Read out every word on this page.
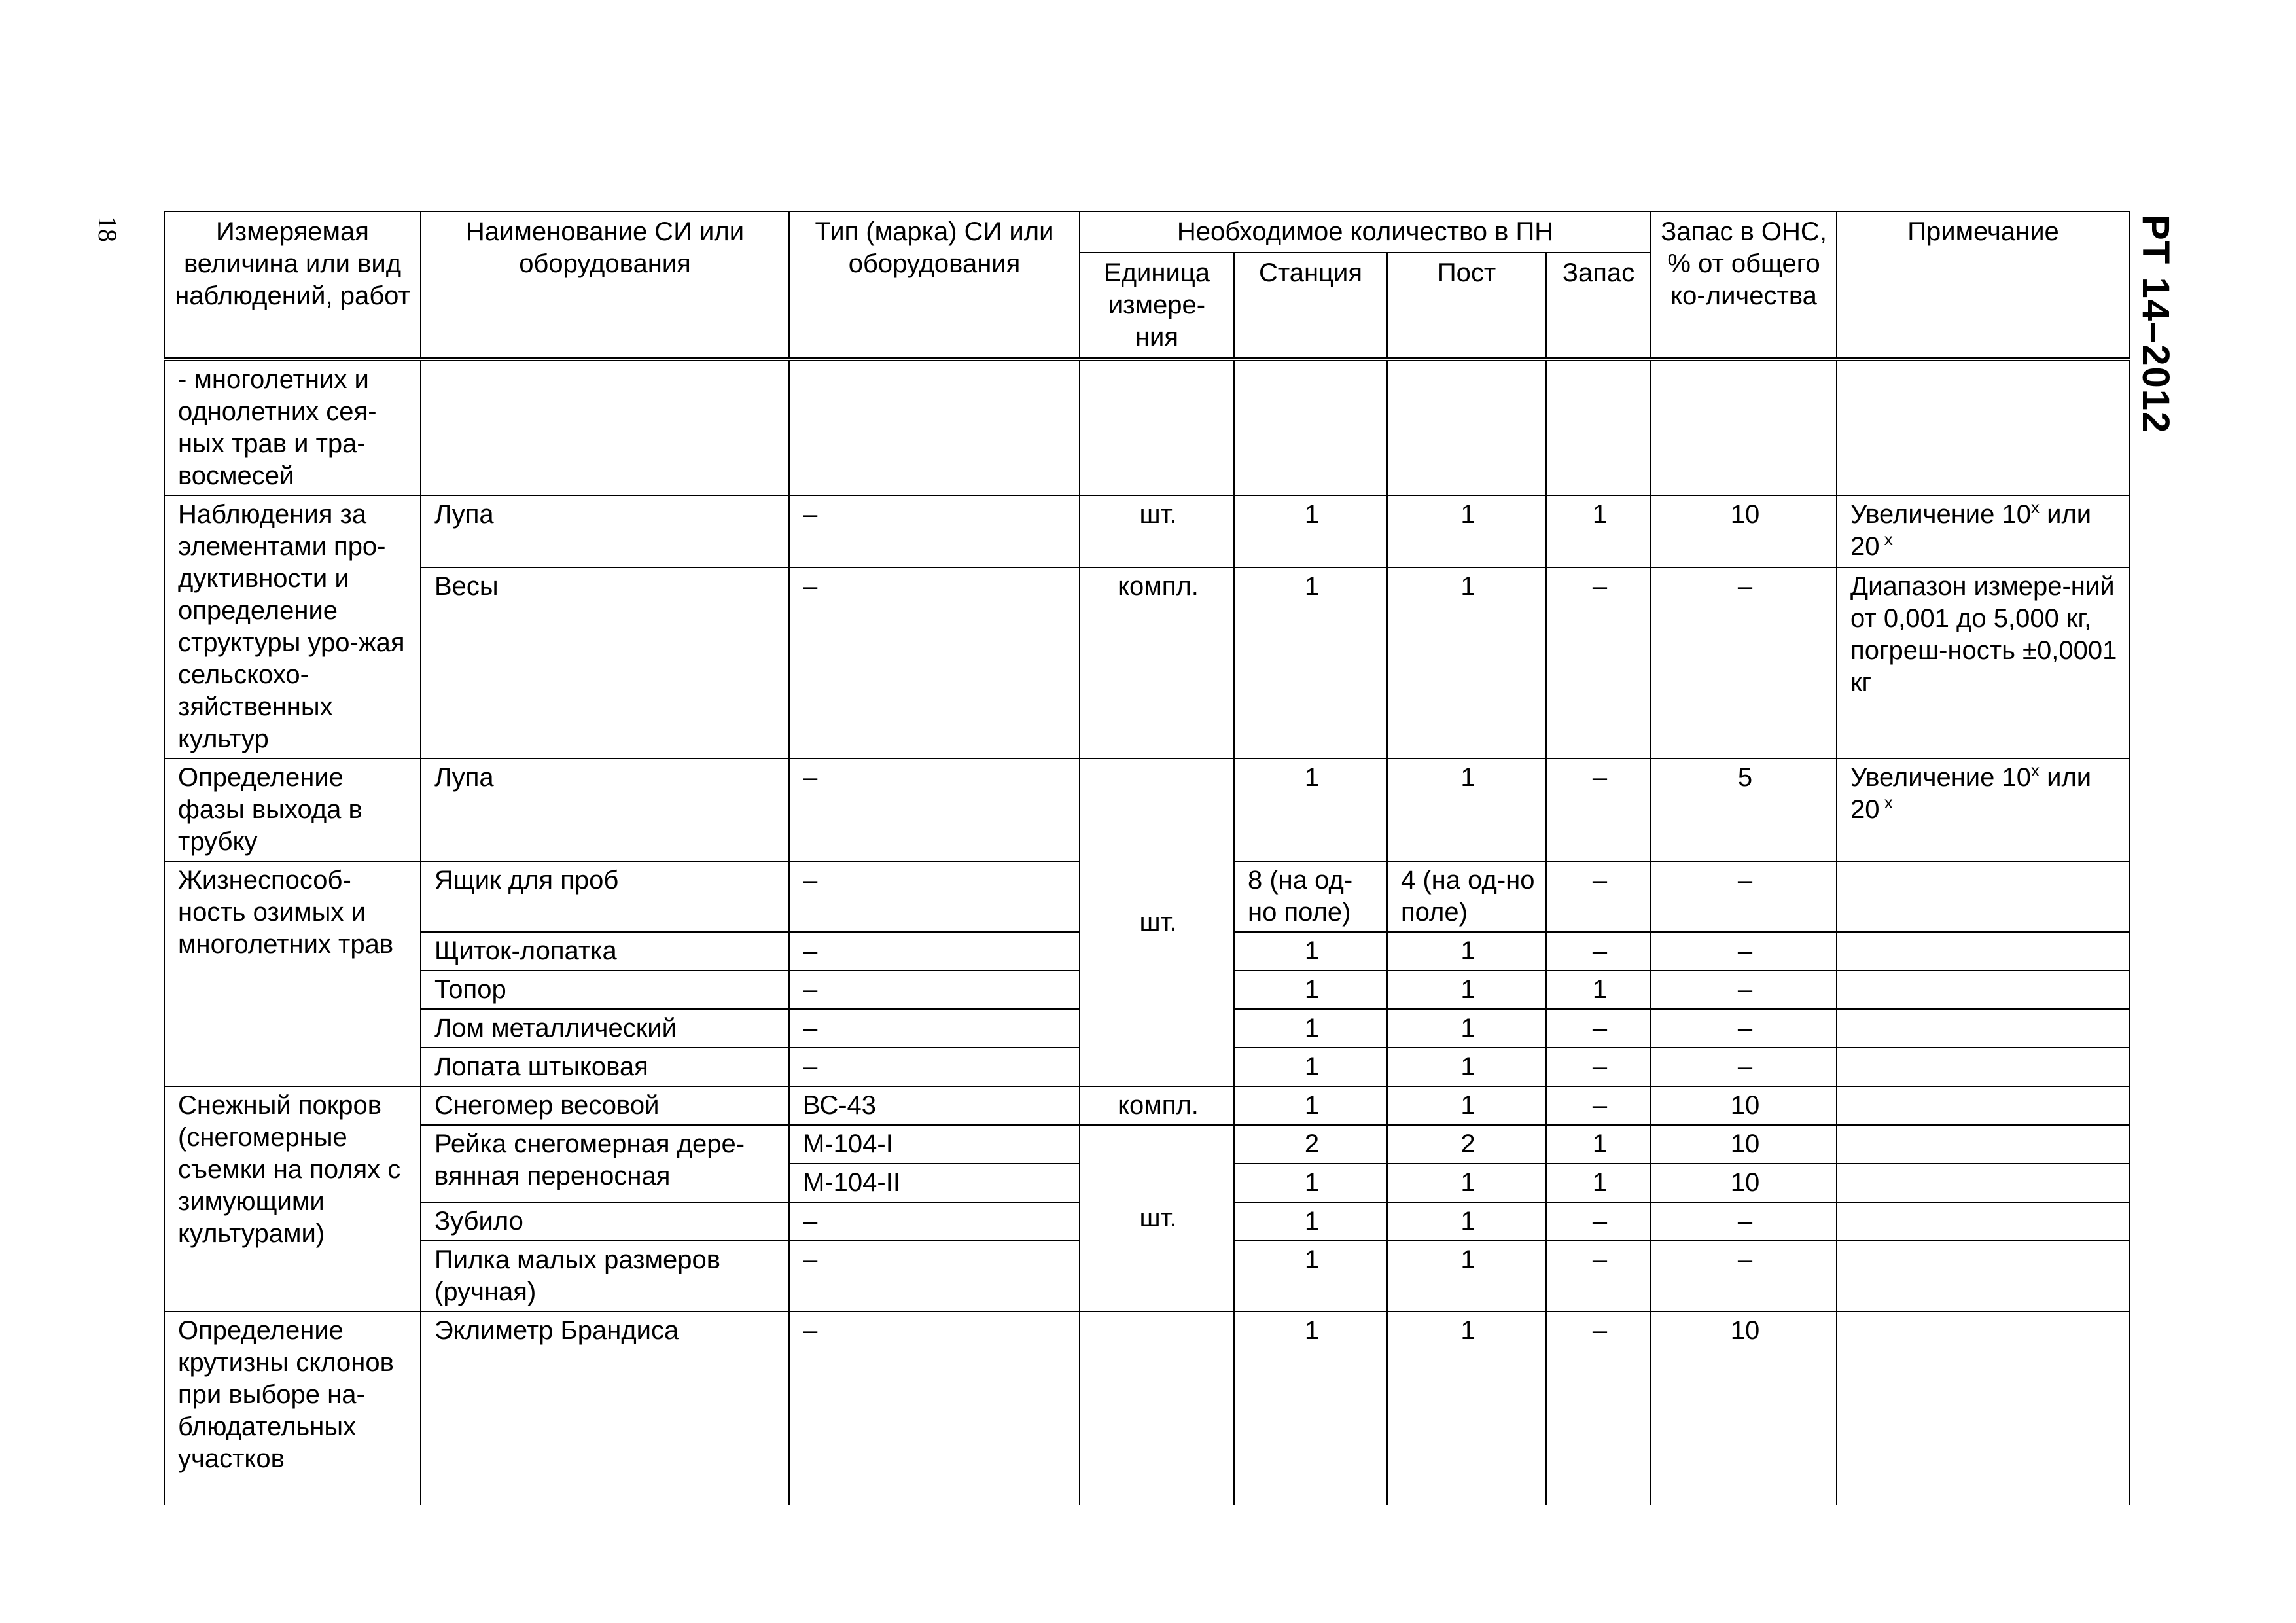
18	РТ 14–2012
Измеряемая величина или вид наблюдений, работ	Наименование СИ или оборудования	Тип (марка) СИ или оборудования	Необходимое количество в ПН				Запас в ОНС, % от общего ко-личества	Примечание
			Единица измере-ния	Станция	Пост	Запас		
- многолетних и однолетних сея-ных трав и тра-восмесей								
Наблюдения за элементами про-дуктивности и определение структуры уро-жая сельскохо-зяйственных культур	Лупа	–	шт.	1	1	1	10	Увеличение 10$^x$ или 20 $^x$
	Весы	–	компл.	1	1	–	–	Диапазон измере-ний от 0,001 до 5,000 кг, погреш-ность ±0,0001 кг
Определение фазы выхода в трубку	Лупа	–	шт.	1	1	–	5	Увеличение 10$^x$ или 20 $^x$
Жизнеспособ-ность озимых и многолетних трав	Ящик для проб	–		8 (на од-но поле)	4 (на од-но поле)	–	–	
	Щиток-лопатка	–		1	1	–	–	
	Топор	–		1	1	1	–	
	Лом металлический	–		1	1	–	–	
	Лопата штыковая	–		1	1	–	–	
Снежный покров (снегомерные съемки на полях с зимующими культурами)	Снегомер весовой	ВС-43	компл.	1	1	–	10	
	Рейка снегомерная дере-вянная переносная	М-104-I	шт.	2	2	1	10	
		М-104-II		1	1	1	10	
	Зубило	–		1	1	–	–	
	Пилка малых размеров (ручная)	–		1	1	–	–	
Определение крутизны склонов при выборе на-блюдательных участков	Эклиметр Брандиса	–		1	1	–	10	
